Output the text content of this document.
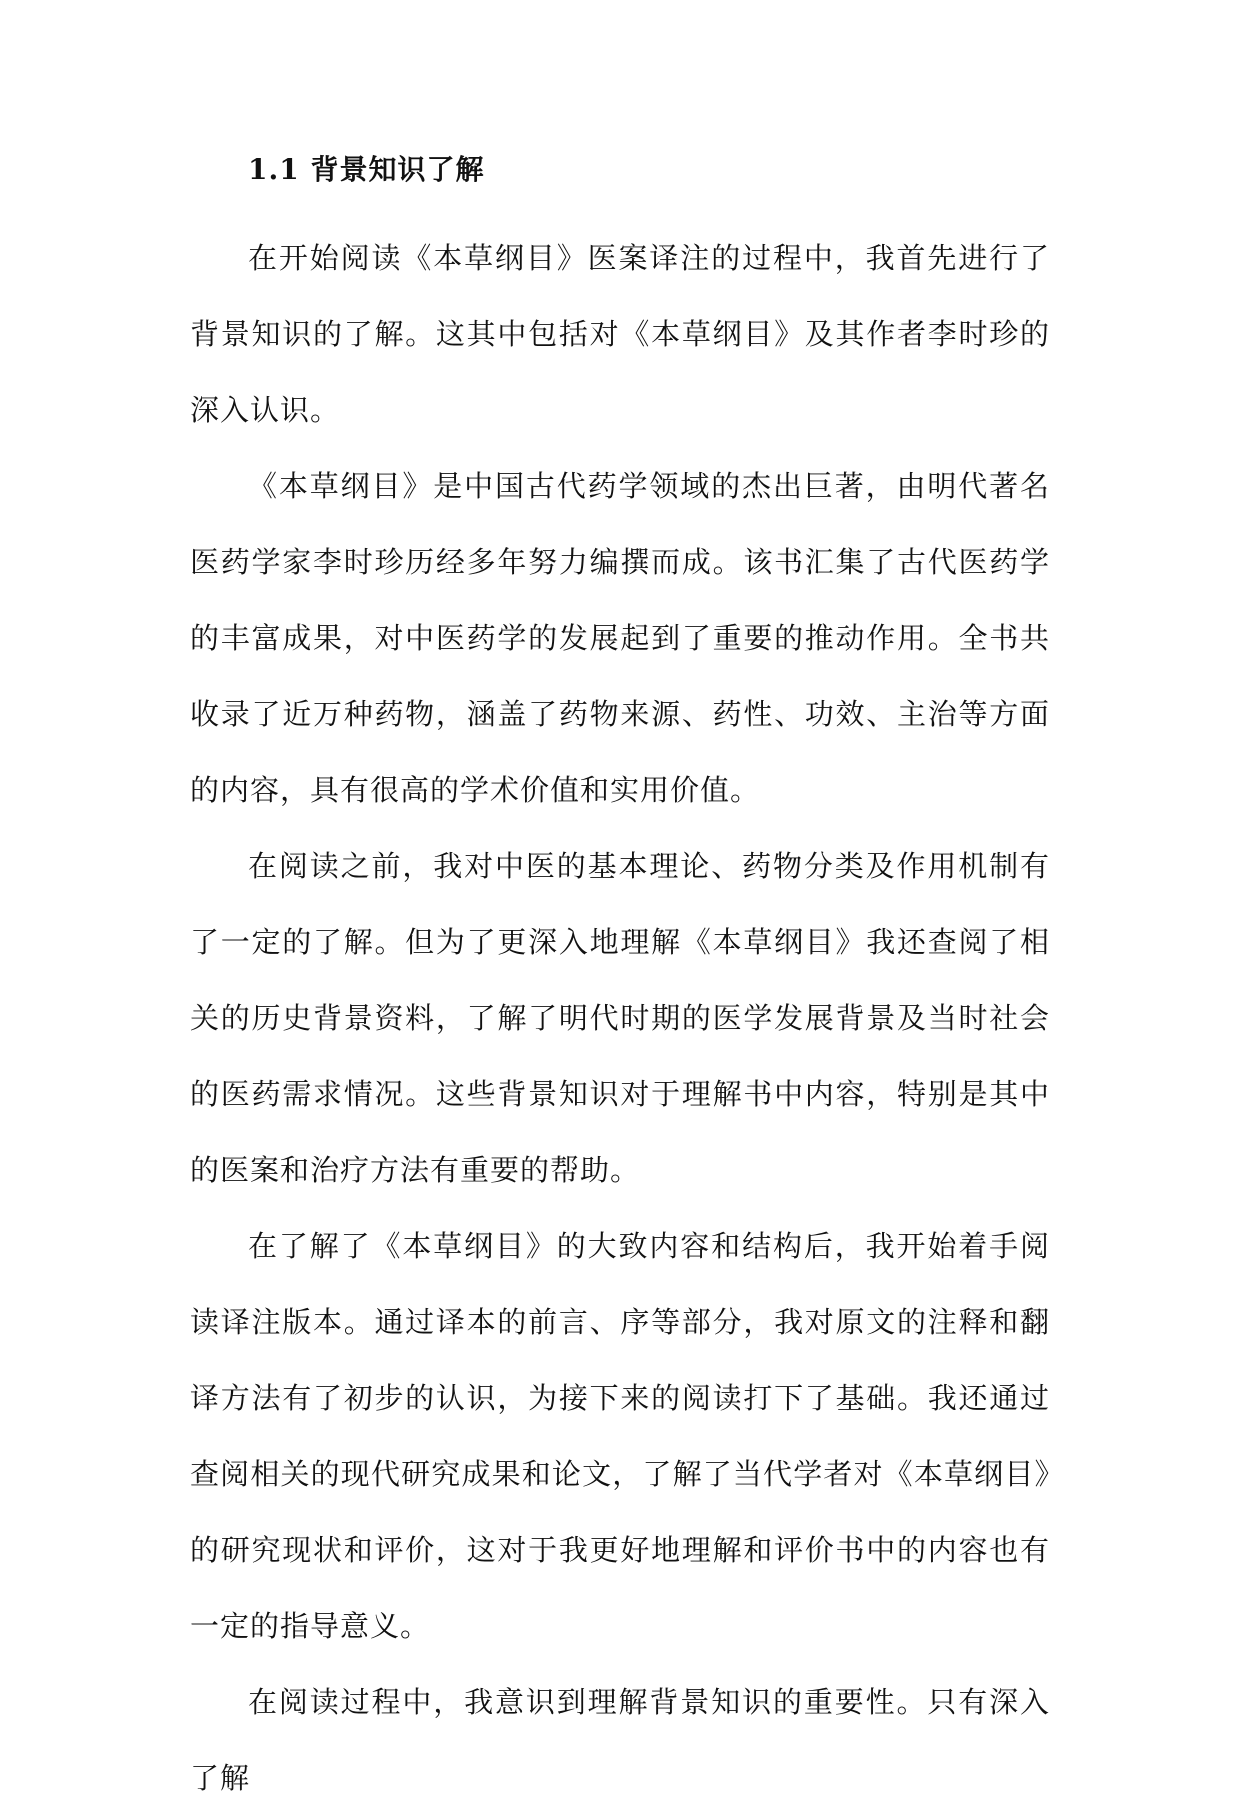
1.1 背景知识了解

在开始阅读《本草纲目》医案译注的过程中，我首先进行了背景知识的了解。这其中包括对《本草纲目》及其作者李时珍的深入认识。

《本草纲目》是中国古代药学领域的杰出巨著，由明代著名医药学家李时珍历经多年努力编撰而成。该书汇集了古代医药学的丰富成果，对中医药学的发展起到了重要的推动作用。全书共收录了近万种药物，涵盖了药物来源、药性、功效、主治等方面的内容，具有很高的学术价值和实用价值。

在阅读之前，我对中医的基本理论、药物分类及作用机制有了一定的了解。但为了更深入地理解《本草纲目》我还查阅了相关的历史背景资料，了解了明代时期的医学发展背景及当时社会的医药需求情况。这些背景知识对于理解书中内容，特别是其中的医案和治疗方法有重要的帮助。

在了解了《本草纲目》的大致内容和结构后，我开始着手阅读译注版本。通过译本的前言、序等部分，我对原文的注释和翻译方法有了初步的认识，为接下来的阅读打下了基础。我还通过查阅相关的现代研究成果和论文，了解了当代学者对《本草纲目》的研究现状和评价，这对于我更好地理解和评价书中的内容也有一定的指导意义。

在阅读过程中，我意识到理解背景知识的重要性。只有深入了解
